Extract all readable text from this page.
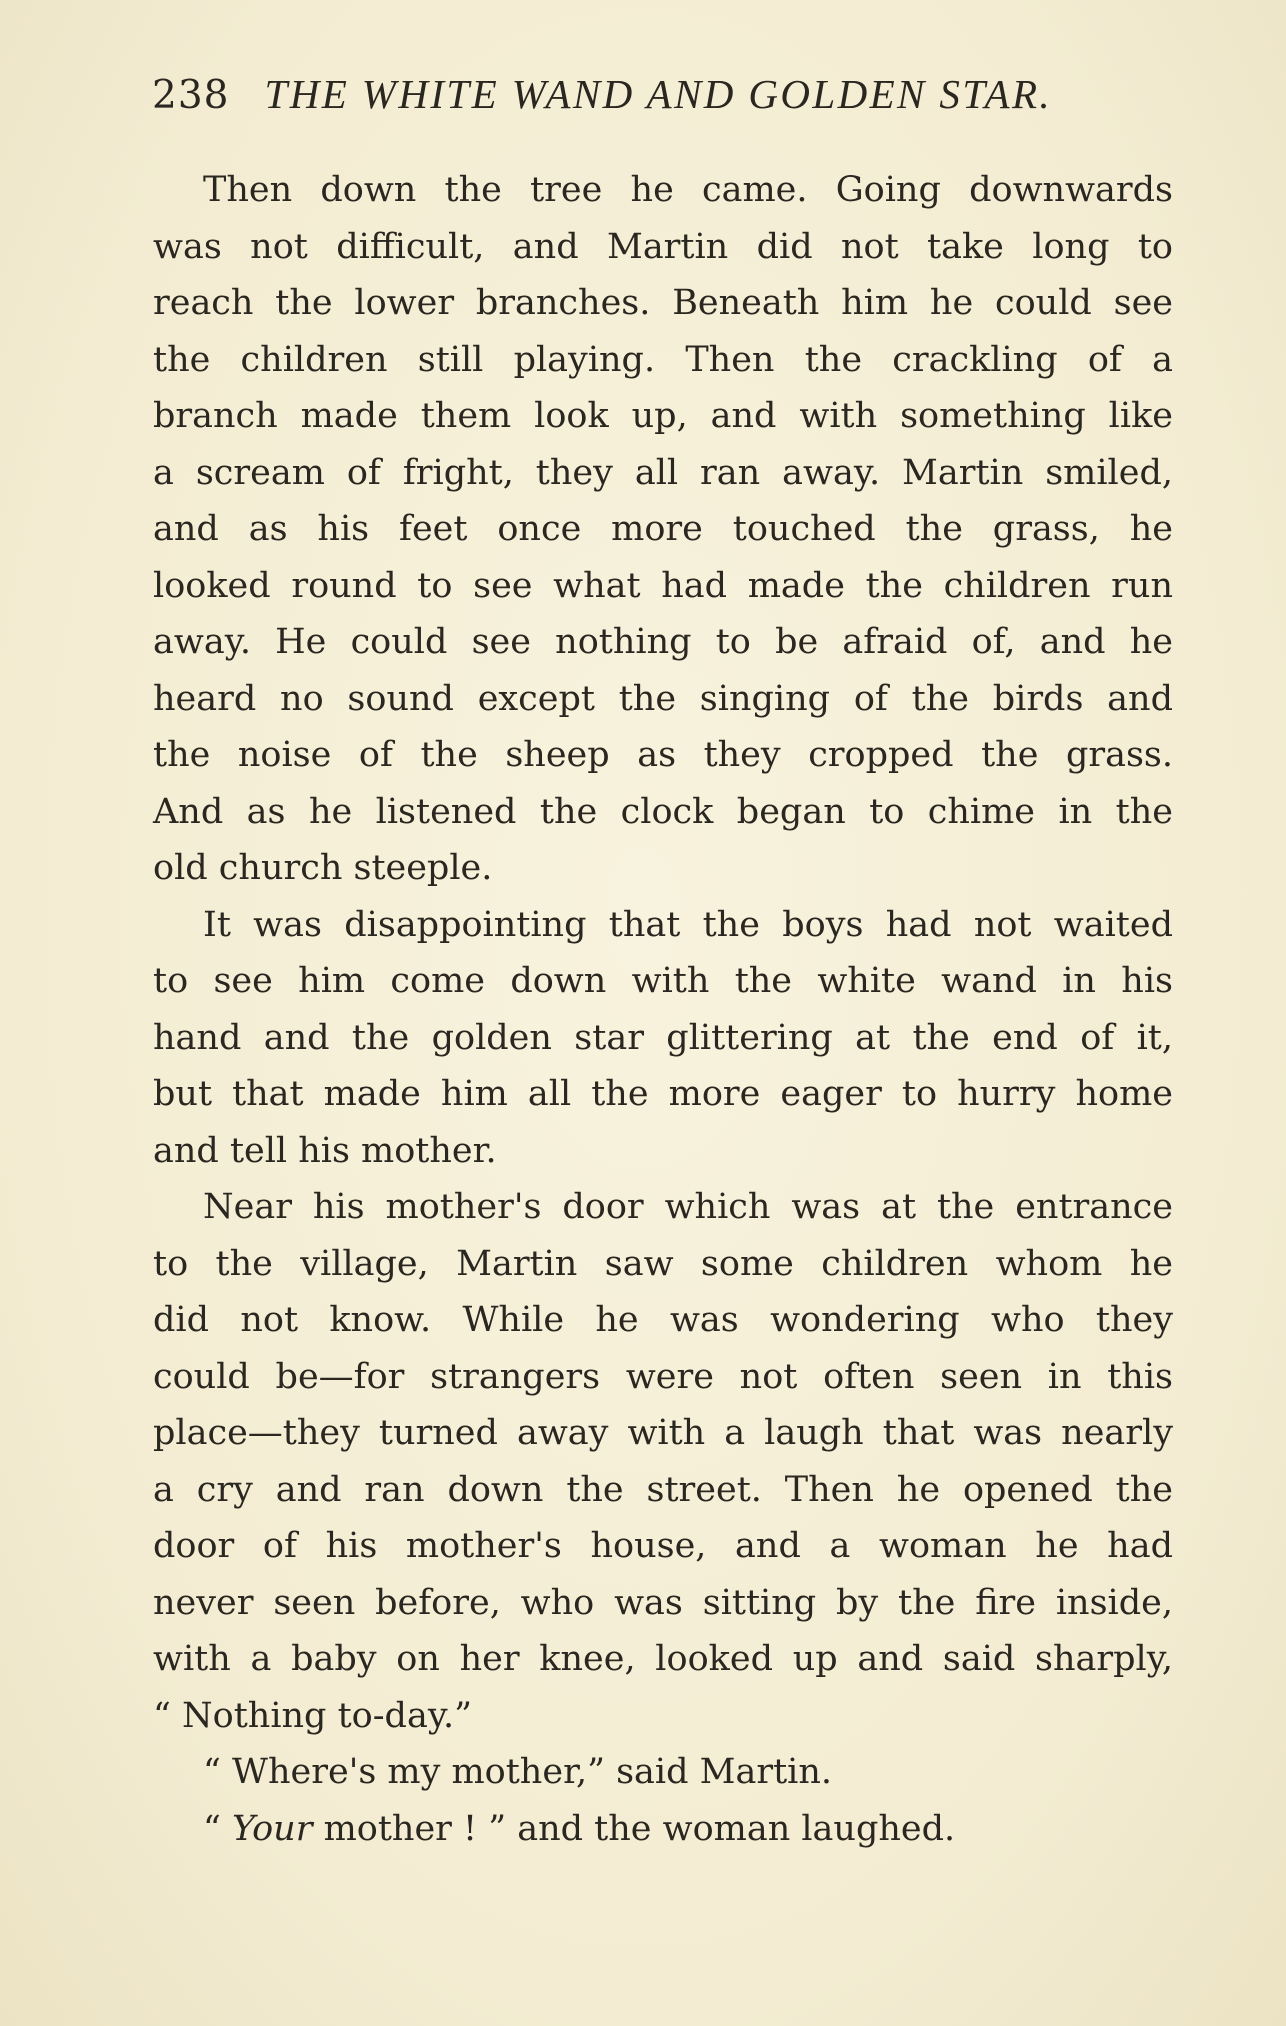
238 THE WHITE WAND AND GOLDEN STAR.
Then down the tree he came. Going downwards
was not difficult, and Martin did not take long to
reach the lower branches. Beneath him he could see
the children still playing. Then the crackling of a
branch made them look up, and with something like
a scream of fright, they all ran away. Martin smiled,
and as his feet once more touched the grass, he
looked round to see what had made the children run
away. He could see nothing to be afraid of, and he
heard no sound except the singing of the birds and
the noise of the sheep as they cropped the grass.
And as he listened the clock began to chime in the
old church steeple.
It was disappointing that the boys had not waited
to see him come down with the white wand in his
hand and the golden star glittering at the end of it,
but that made him all the more eager to hurry home
and tell his mother.
Near his mother's door which was at the entrance
to the village, Martin saw some children whom he
did not know. While he was wondering who they
could be—for strangers were not often seen in this
place—they turned away with a laugh that was nearly
a cry and ran down the street. Then he opened the
door of his mother's house, and a woman he had
never seen before, who was sitting by the fire inside,
with a baby on her knee, looked up and said sharply,
“ Nothing to-day.”
“ Where's my mother,” said Martin.
“ Your mother ! ” and the woman laughed.
